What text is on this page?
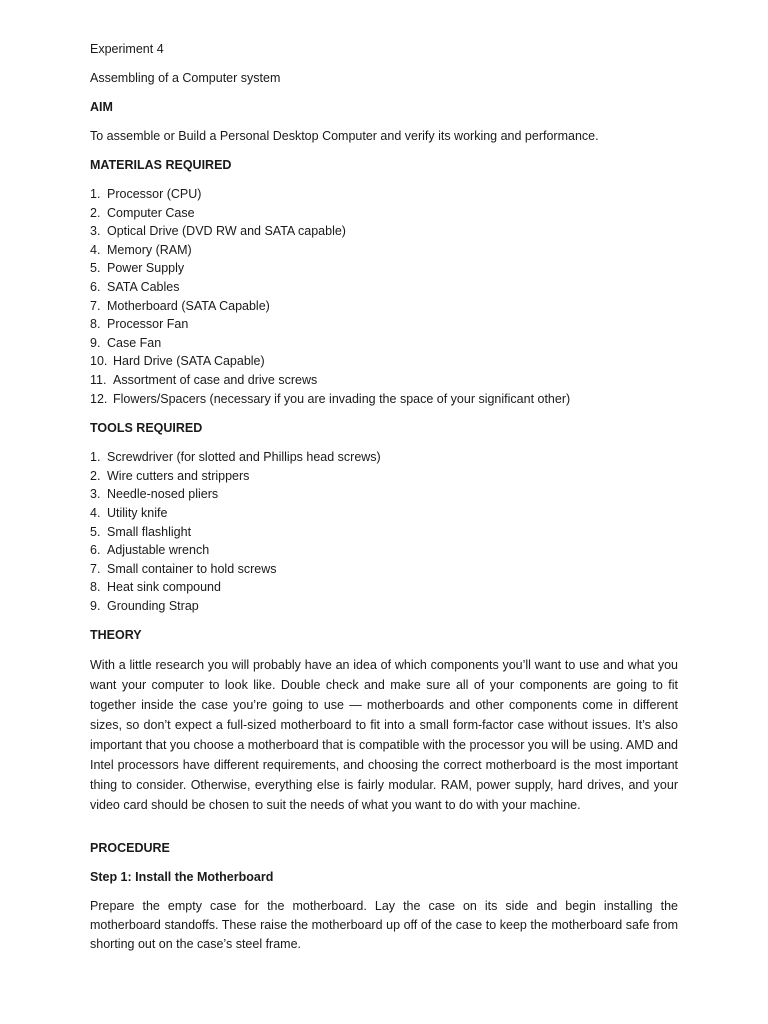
Experiment 4

Assembling of a Computer system

AIM

To assemble or Build a Personal Desktop Computer and verify its working and performance.

MATERILAS REQUIRED

1. Processor (CPU)
2. Computer Case
3. Optical Drive (DVD RW and SATA capable)
4. Memory (RAM)
5. Power Supply
6. SATA Cables
7. Motherboard (SATA Capable)
8. Processor Fan
9. Case Fan
10. Hard Drive (SATA Capable)
11. Assortment of case and drive screws
12. Flowers/Spacers (necessary if you are invading the space of your significant other)

TOOLS REQUIRED

1. Screwdriver (for slotted and Phillips head screws)
2. Wire cutters and strippers
3. Needle-nosed pliers
4. Utility knife
5. Small flashlight
6. Adjustable wrench
7. Small container to hold screws
8. Heat sink compound
9. Grounding Strap

THEORY

With a little research you will probably have an idea of which components you’ll want to use and what you want your computer to look like. Double check and make sure all of your components are going to fit together inside the case you’re going to use — motherboards and other components come in different sizes, so don’t expect a full-sized motherboard to fit into a small form-factor case without issues. It’s also important that you choose a motherboard that is compatible with the processor you will be using. AMD and Intel processors have different requirements, and choosing the correct motherboard is the most important thing to consider. Otherwise, everything else is fairly modular. RAM, power supply, hard drives, and your video card should be chosen to suit the needs of what you want to do with your machine.

PROCEDURE

Step 1: Install the Motherboard

Prepare the empty case for the motherboard. Lay the case on its side and begin installing the motherboard standoffs. These raise the motherboard up off of the case to keep the motherboard safe from shorting out on the case’s steel frame.
